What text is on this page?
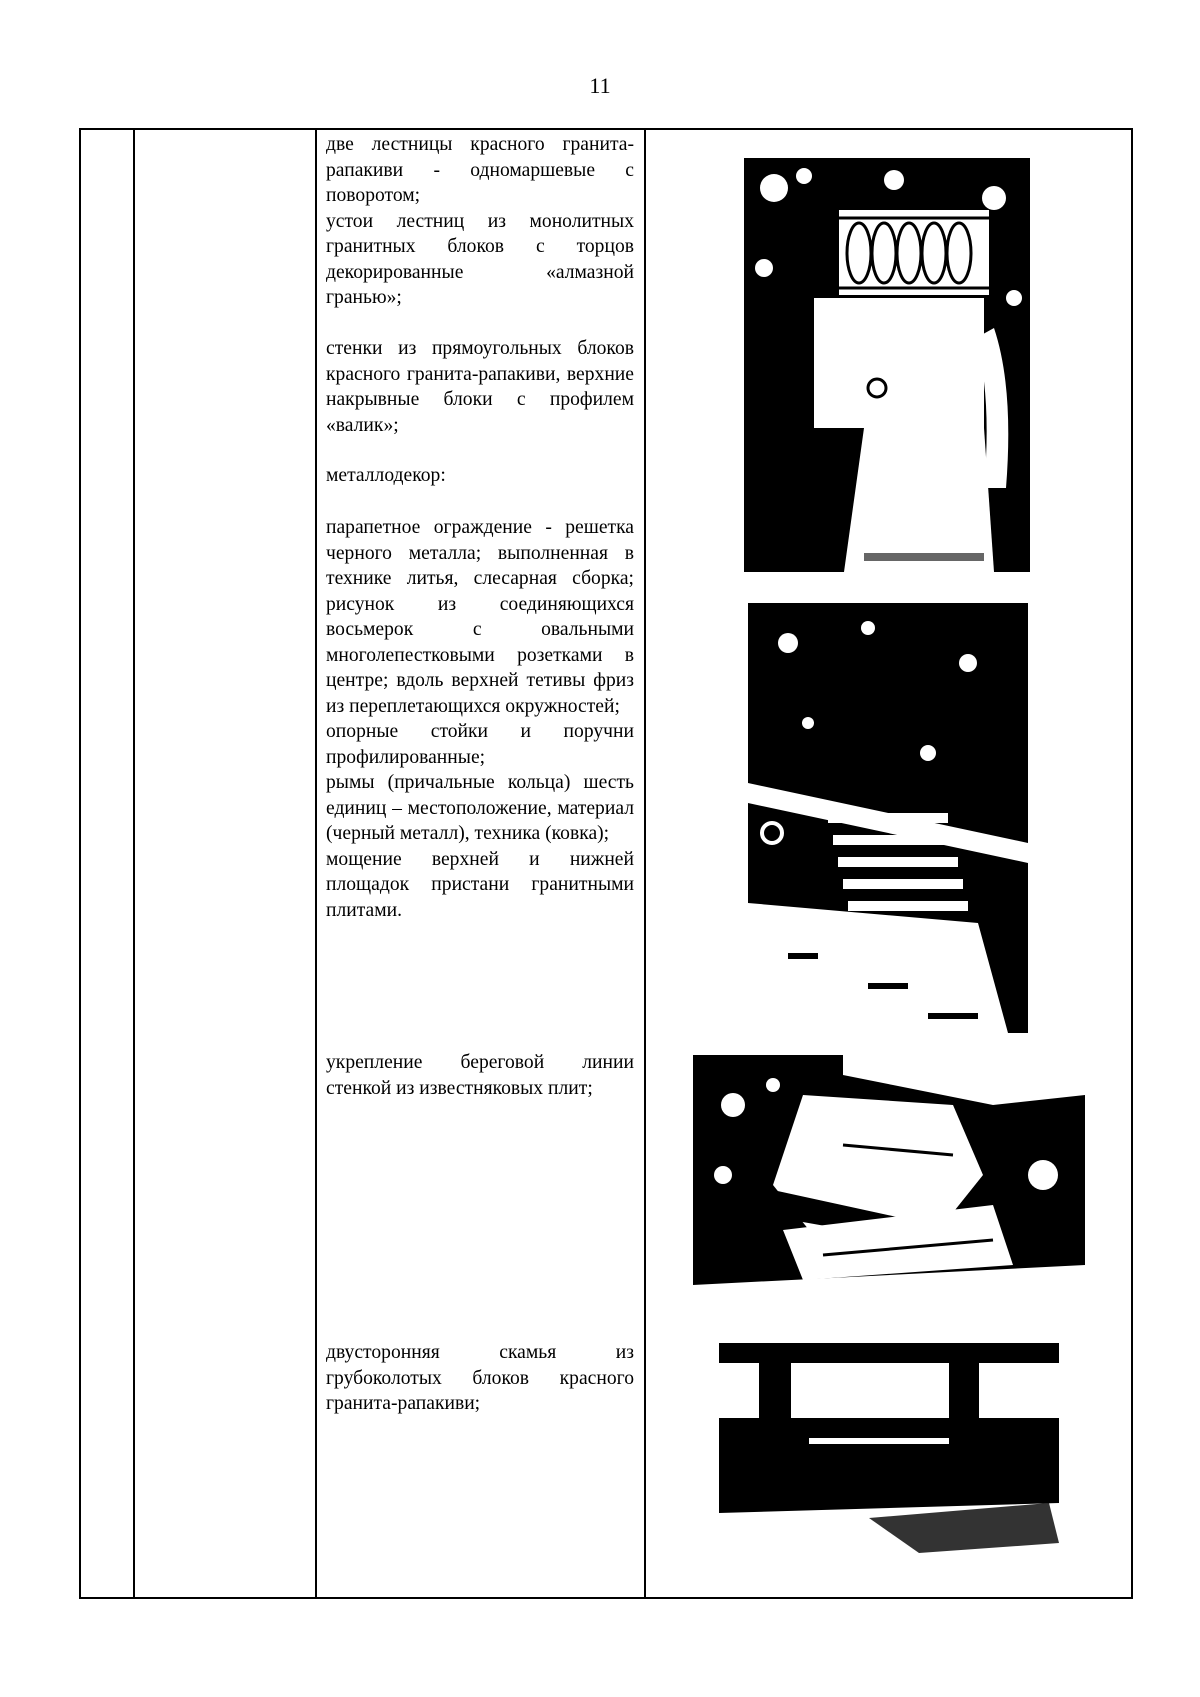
11

две лестницы красного гранита-рапакиви - одномаршевые с поворотом;

устои лестниц из монолитных гранитных блоков с торцов декорированные «алмазной гранью»;

стенки из прямоугольных блоков красного гранита-рапакиви, верхние накрывные блоки с профилем «валик»;

металлодекор:

парапетное ограждение - решетка черного металла; выполненная в технике литья, слесарная сборка; рисунок из соединяющихся восьмерок с овальными многолепестковыми розетками в центре; вдоль верхней тетивы фриз из переплетающихся окружностей;

опорные стойки и поручни профилированные;

рымы (причальные кольца) шесть единиц – местоположение, материал (черный металл), техника (ковка);

мощение верхней и нижней площадок пристани гранитными плитами.

укрепление береговой линии стенкой из известняковых плит;

двусторонняя скамья из грубоколотых блоков красного гранита-рапакиви;
